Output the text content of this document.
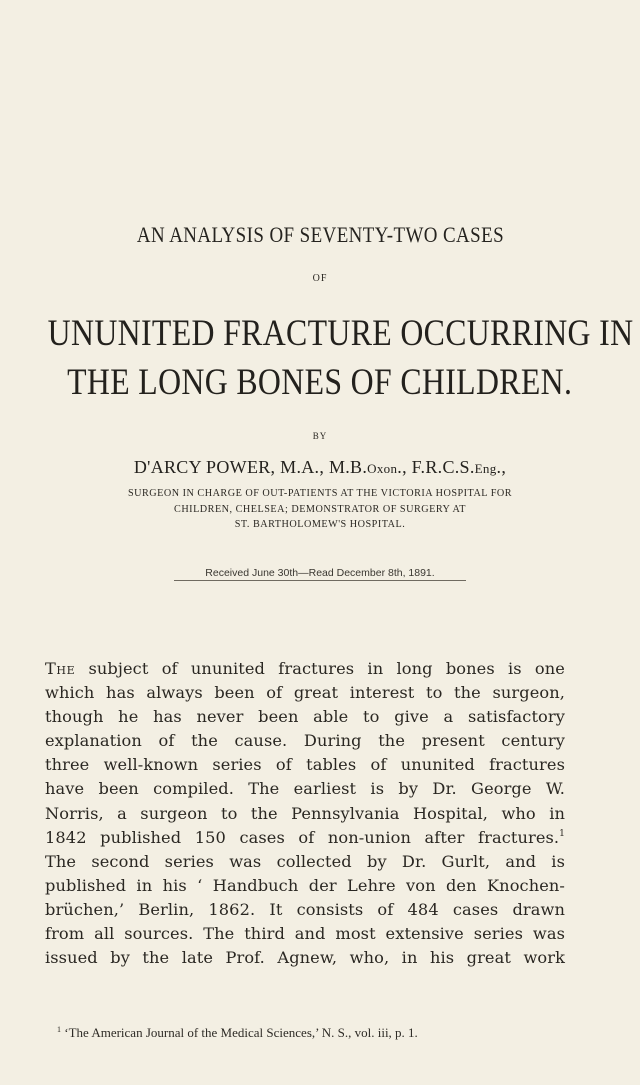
AN ANALYSIS OF SEVENTY-TWO CASES

OF

UNUNITED FRACTURE OCCURRING IN

THE LONG BONES OF CHILDREN.

BY

D'ARCY POWER, M.A., M.B.Oxon., F.R.C.S.Eng.,

SURGEON IN CHARGE OF OUT-PATIENTS AT THE VICTORIA HOSPITAL FOR

CHILDREN, CHELSEA; DEMONSTRATOR OF SURGERY AT

ST. BARTHOLOMEW'S HOSPITAL.

Received June 30th—Read December 8th, 1891.

The subject of ununited fractures in long bones is one
which has always been of great interest to the surgeon,
though he has never been able to give a satisfactory
explanation of the cause. During the present century
three well-known series of tables of ununited fractures
have been compiled. The earliest is by Dr. George W.
Norris, a surgeon to the Pennsylvania Hospital, who in
1842 published 150 cases of non-union after fractures.$^1$
The second series was collected by Dr. Gurlt, and is
published in his ‘ Handbuch der Lehre von den Knochen-
brüchen,’ Berlin, 1862. It consists of 484 cases drawn
from all sources. The third and most extensive series was
issued by the late Prof. Agnew, who, in his great work

$^1$ ‘The American Journal of the Medical Sciences,’ N. S., vol. iii, p. 1.
